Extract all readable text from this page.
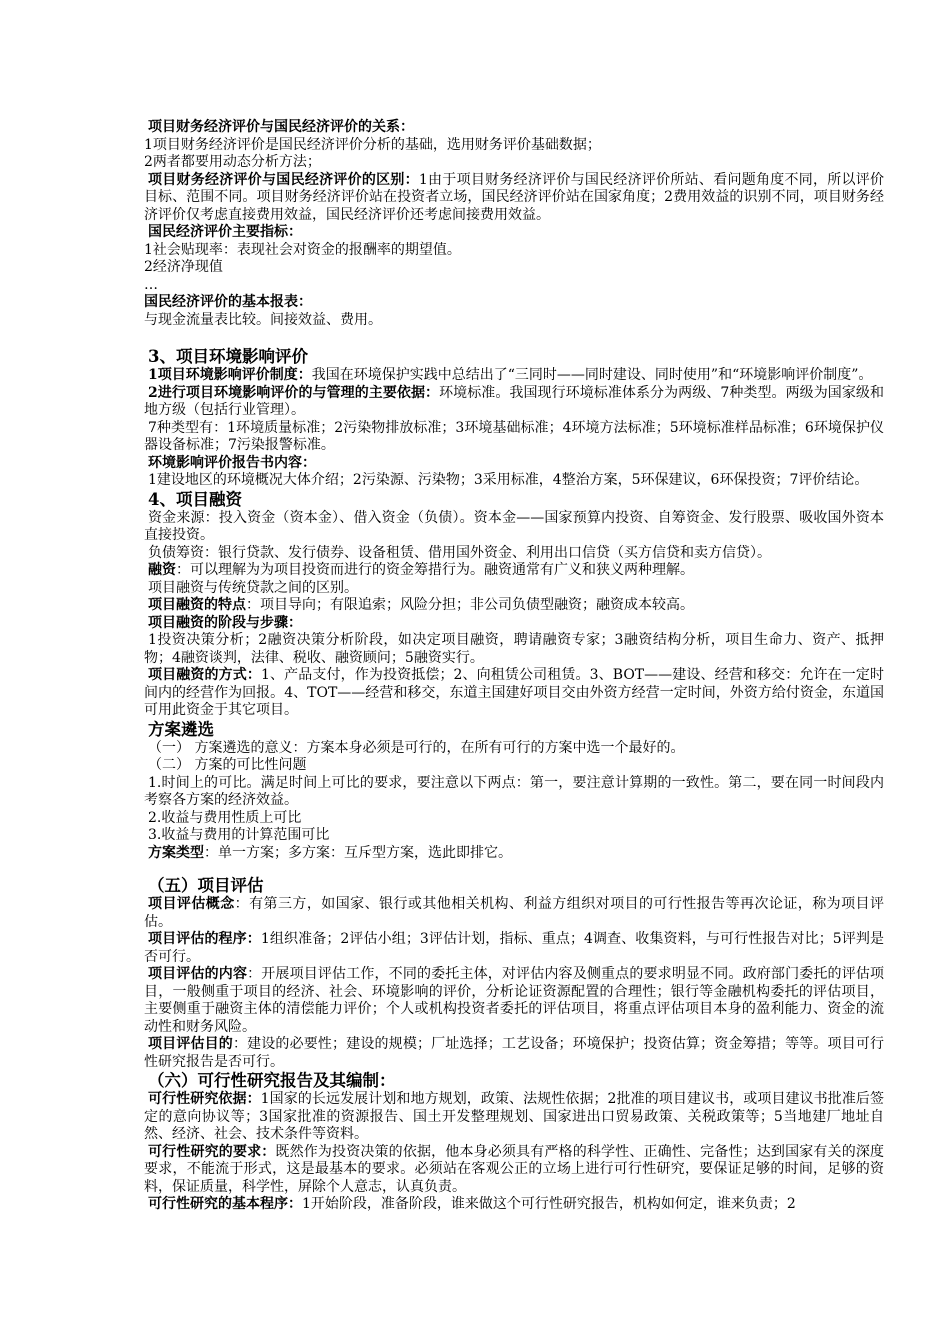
项目财务经济评价与国民经济评价的关系：

1项目财务经济评价是国民经济评价分析的基础，选用财务评价基础数据；

2两者都要用动态分析方法；

项目财务经济评价与国民经济评价的区别：1由于项目财务经济评价与国民经济评价所站、看问题角度不同，所以评价目标、范围不同。项目财务经济评价站在投资者立场，国民经济评价站在国家角度；2费用效益的识别不同，项目财务经济评价仅考虑直接费用效益，国民经济评价还考虑间接费用效益。

国民经济评价主要指标：

1社会贴现率：表现社会对资金的报酬率的期望值。

2经济净现值

…

国民经济评价的基本报表：

与现金流量表比较。间接效益、费用。

3、项目环境影响评价

1项目环境影响评价制度：我国在环境保护实践中总结出了“三同时——同时建设、同时使用”和“环境影响评价制度”。

2进行项目环境影响评价的与管理的主要依据：环境标准。我国现行环境标准体系分为两级、7种类型。两级为国家级和地方级（包括行业管理）。

7种类型有：1环境质量标准；2污染物排放标准；3环境基础标准；4环境方法标准；5环境标准样品标准；6环境保护仪器设备标准；7污染报警标准。

环境影响评价报告书内容：

1建设地区的环境概况大体介绍；2污染源、污染物；3采用标准，4整治方案，5环保建议，6环保投资；7评价结论。

4、项目融资

资金来源：投入资金（资本金）、借入资金（负债）。资本金——国家预算内投资、自筹资金、发行股票、吸收国外资本直接投资。

负债筹资：银行贷款、发行债券、设备租赁、借用国外资金、利用出口信贷（买方信贷和卖方信贷）。

融资：可以理解为为项目投资而进行的资金筹措行为。融资通常有广义和狭义两种理解。

项目融资与传统贷款之间的区别。

项目融资的特点：项目导向；有限追索；风险分担；非公司负债型融资；融资成本较高。

项目融资的阶段与步骤：

1投资决策分析；2融资决策分析阶段，如决定项目融资，聘请融资专家；3融资结构分析，项目生命力、资产、抵押物；4融资谈判，法律、税收、融资顾问；5融资实行。

项目融资的方式：1、产品支付，作为投资抵偿；2、向租赁公司租赁。3、BOT——建设、经营和移交：允许在一定时间内的经营作为回报。4、TOT——经营和移交，东道主国建好项目交由外资方经营一定时间，外资方给付资金，东道国可用此资金于其它项目。

方案遴选

（一） 方案遴选的意义：方案本身必须是可行的，在所有可行的方案中选一个最好的。

（二） 方案的可比性问题

1.时间上的可比。满足时间上可比的要求，要注意以下两点：第一，要注意计算期的一致性。第二，要在同一时间段内考察各方案的经济效益。

2.收益与费用性质上可比

3.收益与费用的计算范围可比

方案类型：单一方案；多方案：互斥型方案，选此即排它。

（五）项目评估

项目评估概念：有第三方，如国家、银行或其他相关机构、利益方组织对项目的可行性报告等再次论证，称为项目评估。

项目评估的程序：1组织准备；2评估小组；3评估计划，指标、重点；4调查、收集资料，与可行性报告对比；5评判是否可行。

项目评估的内容：开展项目评估工作，不同的委托主体，对评估内容及侧重点的要求明显不同。政府部门委托的评估项目，一般侧重于项目的经济、社会、环境影响的评价，分析论证资源配置的合理性；银行等金融机构委托的评估项目，主要侧重于融资主体的清偿能力评价；个人或机构投资者委托的评估项目，将重点评估项目本身的盈利能力、资金的流动性和财务风险。

项目评估目的：建设的必要性；建设的规模；厂址选择；工艺设备；环境保护；投资估算；资金筹措；等等。项目可行性研究报告是否可行。

（六）可行性研究报告及其编制：

可行性研究依据：1国家的长远发展计划和地方规划，政策、法规性依据；2批准的项目建议书，或项目建议书批准后签定的意向协议等；3国家批准的资源报告、国土开发整理规划、国家进出口贸易政策、关税政策等；5当地建厂地址自然、经济、社会、技术条件等资料。

可行性研究的要求：既然作为投资决策的依据，他本身必须具有严格的科学性、正确性、完备性；达到国家有关的深度要求，不能流于形式，这是最基本的要求。必须站在客观公正的立场上进行可行性研究，要保证足够的时间，足够的资料，保证质量，科学性，屏除个人意志，认真负责。

可行性研究的基本程序：1开始阶段，准备阶段，谁来做这个可行性研究报告，机构如何定，谁来负责；2
